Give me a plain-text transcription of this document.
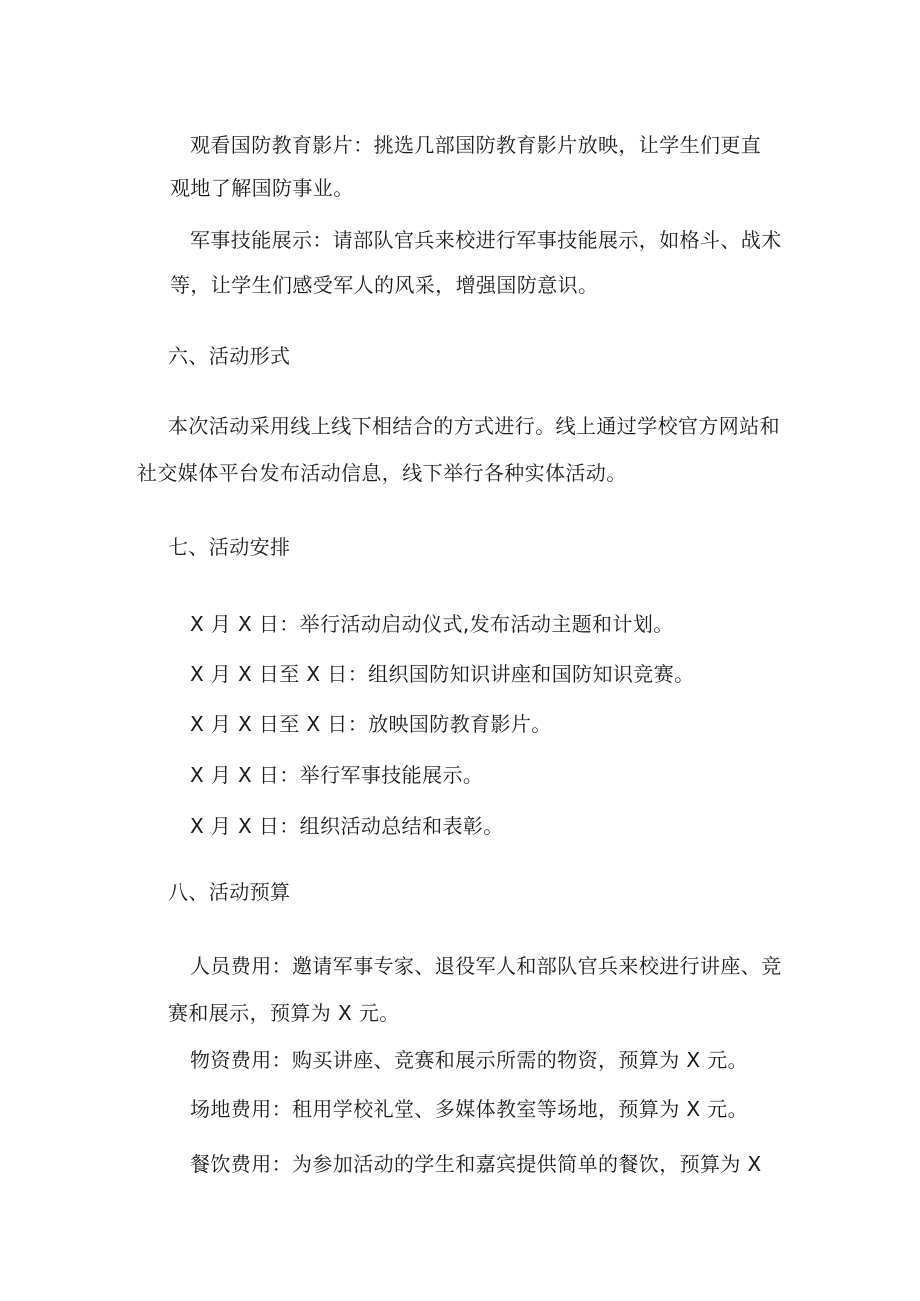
观看国防教育影片：挑选几部国防教育影片放映，让学生们更直
观地了解国防事业。
军事技能展示：请部队官兵来校进行军事技能展示，如格斗、战术
等，让学生们感受军人的风采，增强国防意识。
六、活动形式
本次活动采用线上线下相结合的方式进行。线上通过学校官方网站和
社交媒体平台发布活动信息，线下举行各种实体活动。
七、活动安排
X 月 X 日：举行活动启动仪式,发布活动主题和计划。
X 月 X 日至 X 日：组织国防知识讲座和国防知识竞赛。
X 月 X 日至 X 日：放映国防教育影片。
X 月 X 日：举行军事技能展示。
X 月 X 日：组织活动总结和表彰。
八、活动预算
人员费用：邀请军事专家、退役军人和部队官兵来校进行讲座、竞
赛和展示，预算为 X 元。
物资费用：购买讲座、竞赛和展示所需的物资，预算为 X 元。
场地费用：租用学校礼堂、多媒体教室等场地，预算为 X 元。
餐饮费用：为参加活动的学生和嘉宾提供简单的餐饮，预算为 X
